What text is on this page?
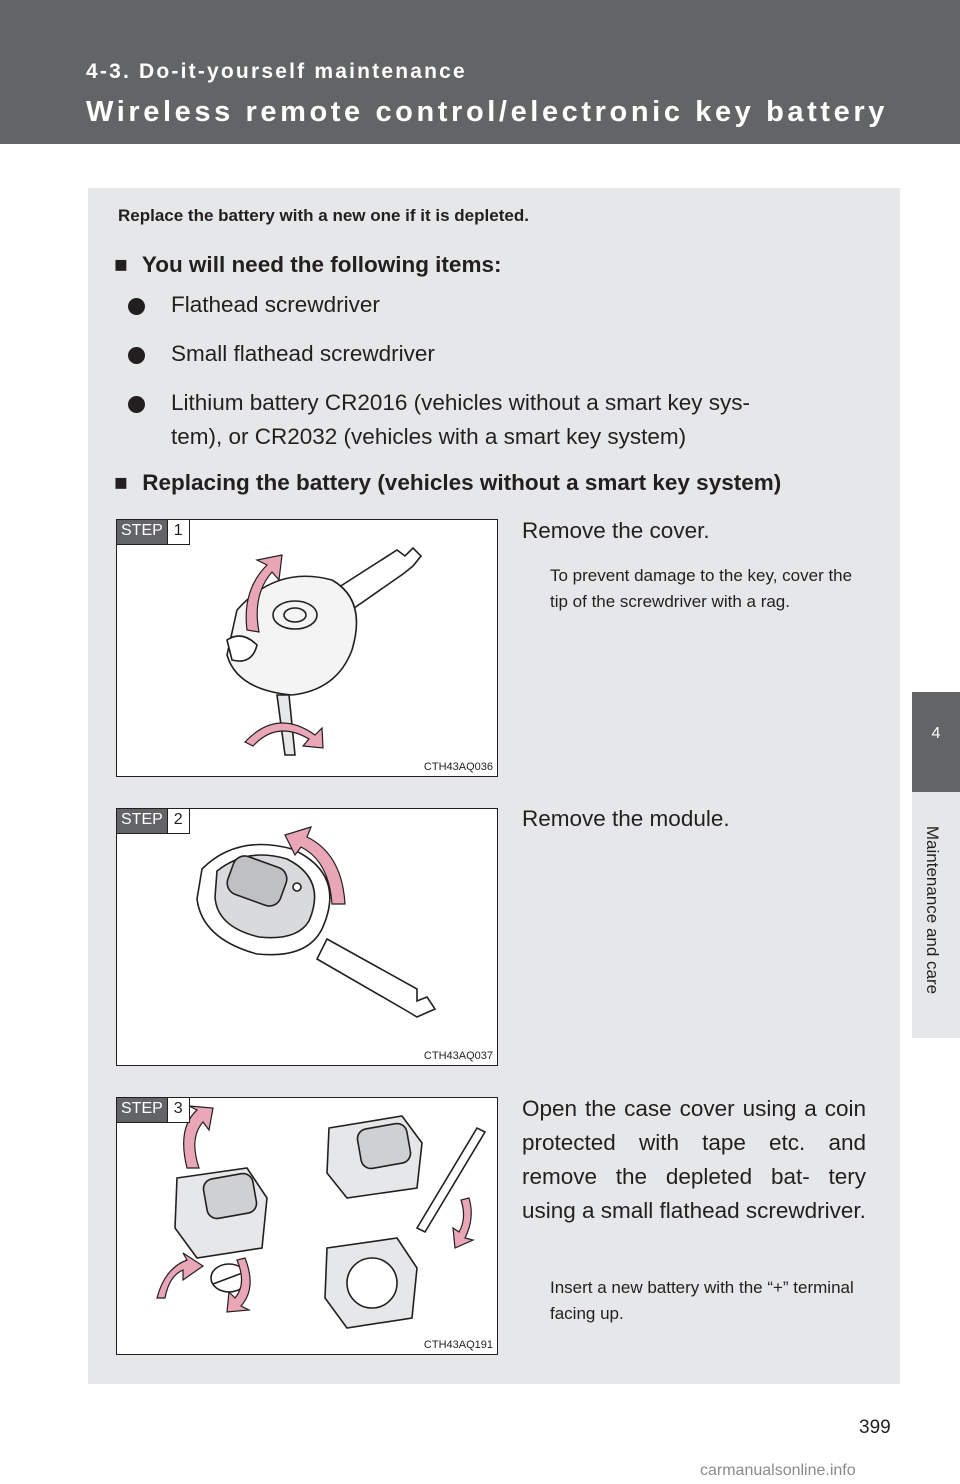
4-3. Do-it-yourself maintenance
Wireless remote control/electronic key battery
4
Maintenance and care
Replace the battery with a new one if it is depleted.
■ You will need the following items:
Flathead screwdriver
Small flathead screwdriver
Lithium battery CR2016 (vehicles without a smart key sys-
tem), or CR2032 (vehicles with a smart key system)
■ Replacing the battery (vehicles without a smart key system)
STEP 1
CTH43AQ036
Remove the cover.
To prevent damage to the key, cover the tip of the screwdriver with a rag.
STEP 2
CTH43AQ037
Remove the module.
STEP 3
CTH43AQ191
Open the case cover using a coin protected with tape etc. and remove the depleted bat- tery using a small flathead screwdriver.
Insert a new battery with the “+” terminal facing up.
399
carmanualsonline.info
